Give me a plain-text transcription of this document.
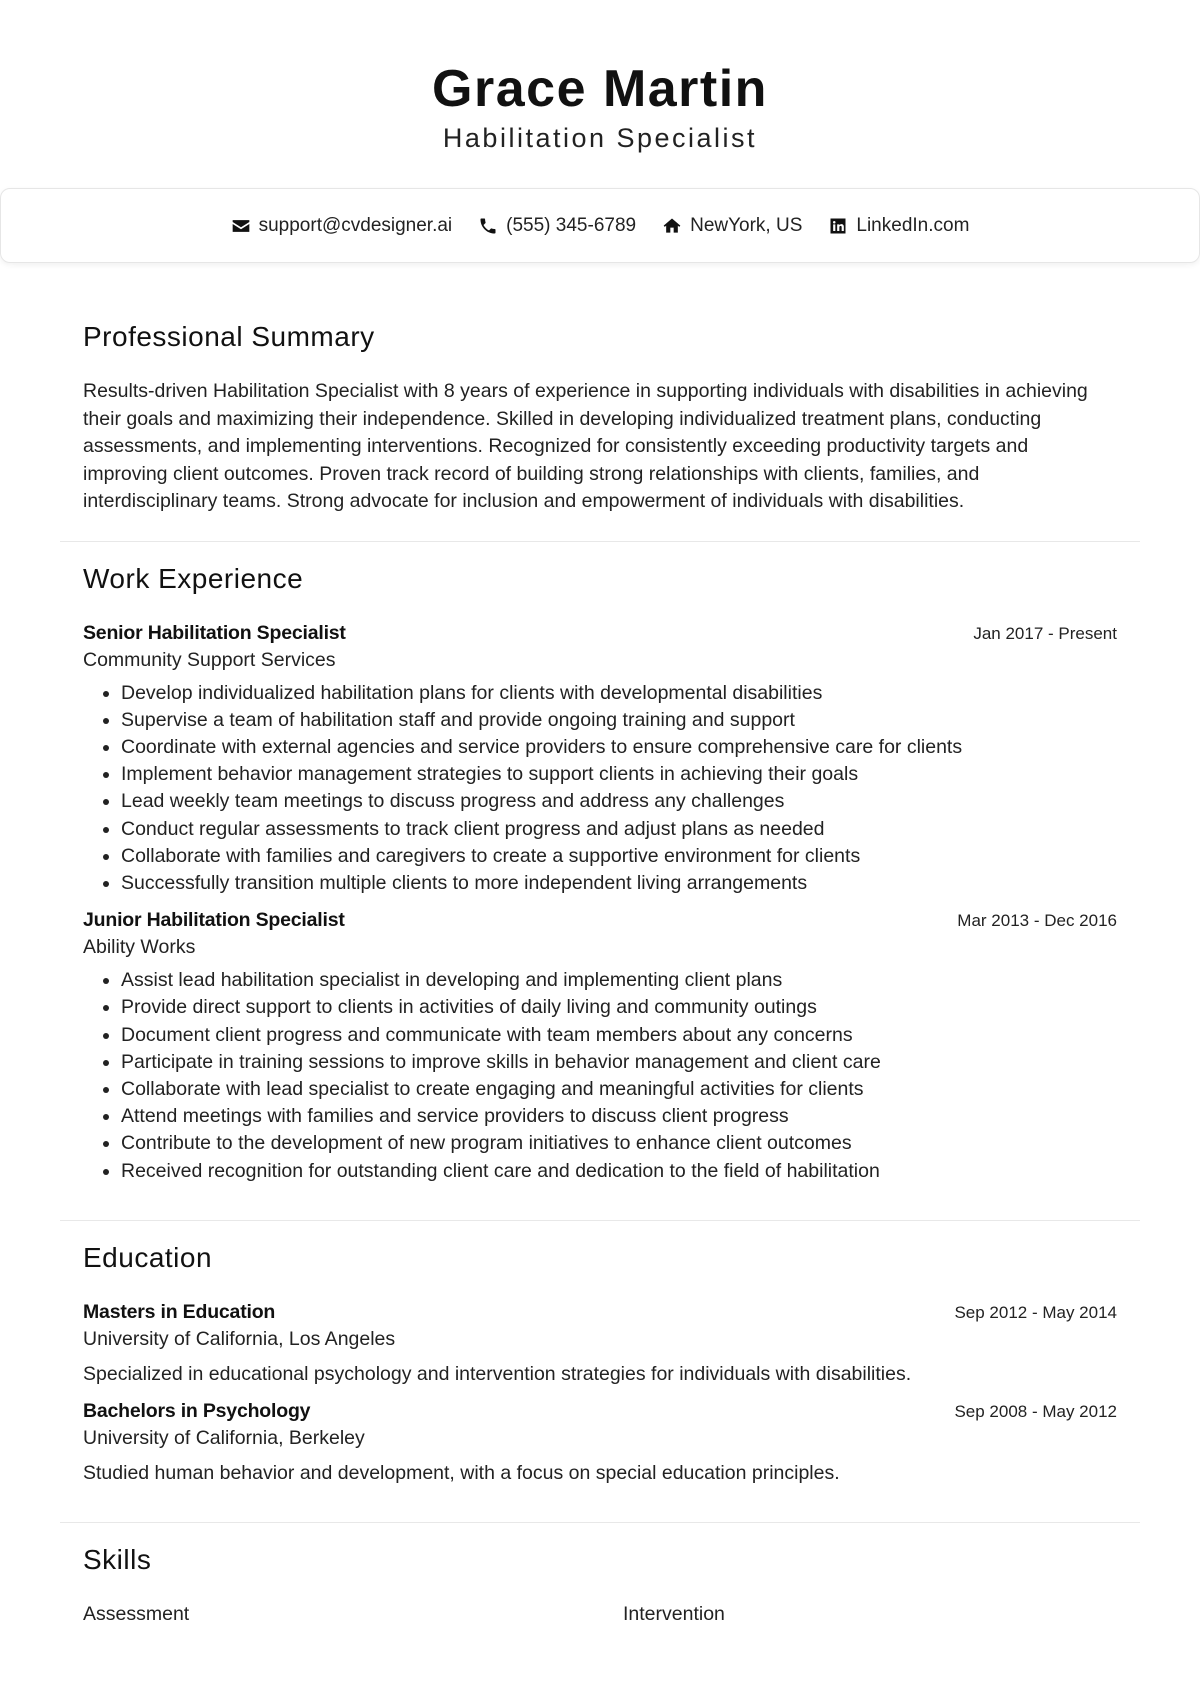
Grace Martin
Habilitation Specialist
support@cvdesigner.ai	(555) 345-6789	NewYork, US	LinkedIn.com
Professional Summary
Results-driven Habilitation Specialist with 8 years of experience in supporting individuals with disabilities in achieving their goals and maximizing their independence. Skilled in developing individualized treatment plans, conducting assessments, and implementing interventions. Recognized for consistently exceeding productivity targets and improving client outcomes. Proven track record of building strong relationships with clients, families, and interdisciplinary teams. Strong advocate for inclusion and empowerment of individuals with disabilities.
Work Experience
Senior Habilitation Specialist	Jan 2017 - Present
Community Support Services
• Develop individualized habilitation plans for clients with developmental disabilities
• Supervise a team of habilitation staff and provide ongoing training and support
• Coordinate with external agencies and service providers to ensure comprehensive care for clients
• Implement behavior management strategies to support clients in achieving their goals
• Lead weekly team meetings to discuss progress and address any challenges
• Conduct regular assessments to track client progress and adjust plans as needed
• Collaborate with families and caregivers to create a supportive environment for clients
• Successfully transition multiple clients to more independent living arrangements
Junior Habilitation Specialist	Mar 2013 - Dec 2016
Ability Works
• Assist lead habilitation specialist in developing and implementing client plans
• Provide direct support to clients in activities of daily living and community outings
• Document client progress and communicate with team members about any concerns
• Participate in training sessions to improve skills in behavior management and client care
• Collaborate with lead specialist to create engaging and meaningful activities for clients
• Attend meetings with families and service providers to discuss client progress
• Contribute to the development of new program initiatives to enhance client outcomes
• Received recognition for outstanding client care and dedication to the field of habilitation
Education
Masters in Education	Sep 2012 - May 2014
University of California, Los Angeles
Specialized in educational psychology and intervention strategies for individuals with disabilities.
Bachelors in Psychology	Sep 2008 - May 2012
University of California, Berkeley
Studied human behavior and development, with a focus on special education principles.
Skills
Assessment	Intervention
